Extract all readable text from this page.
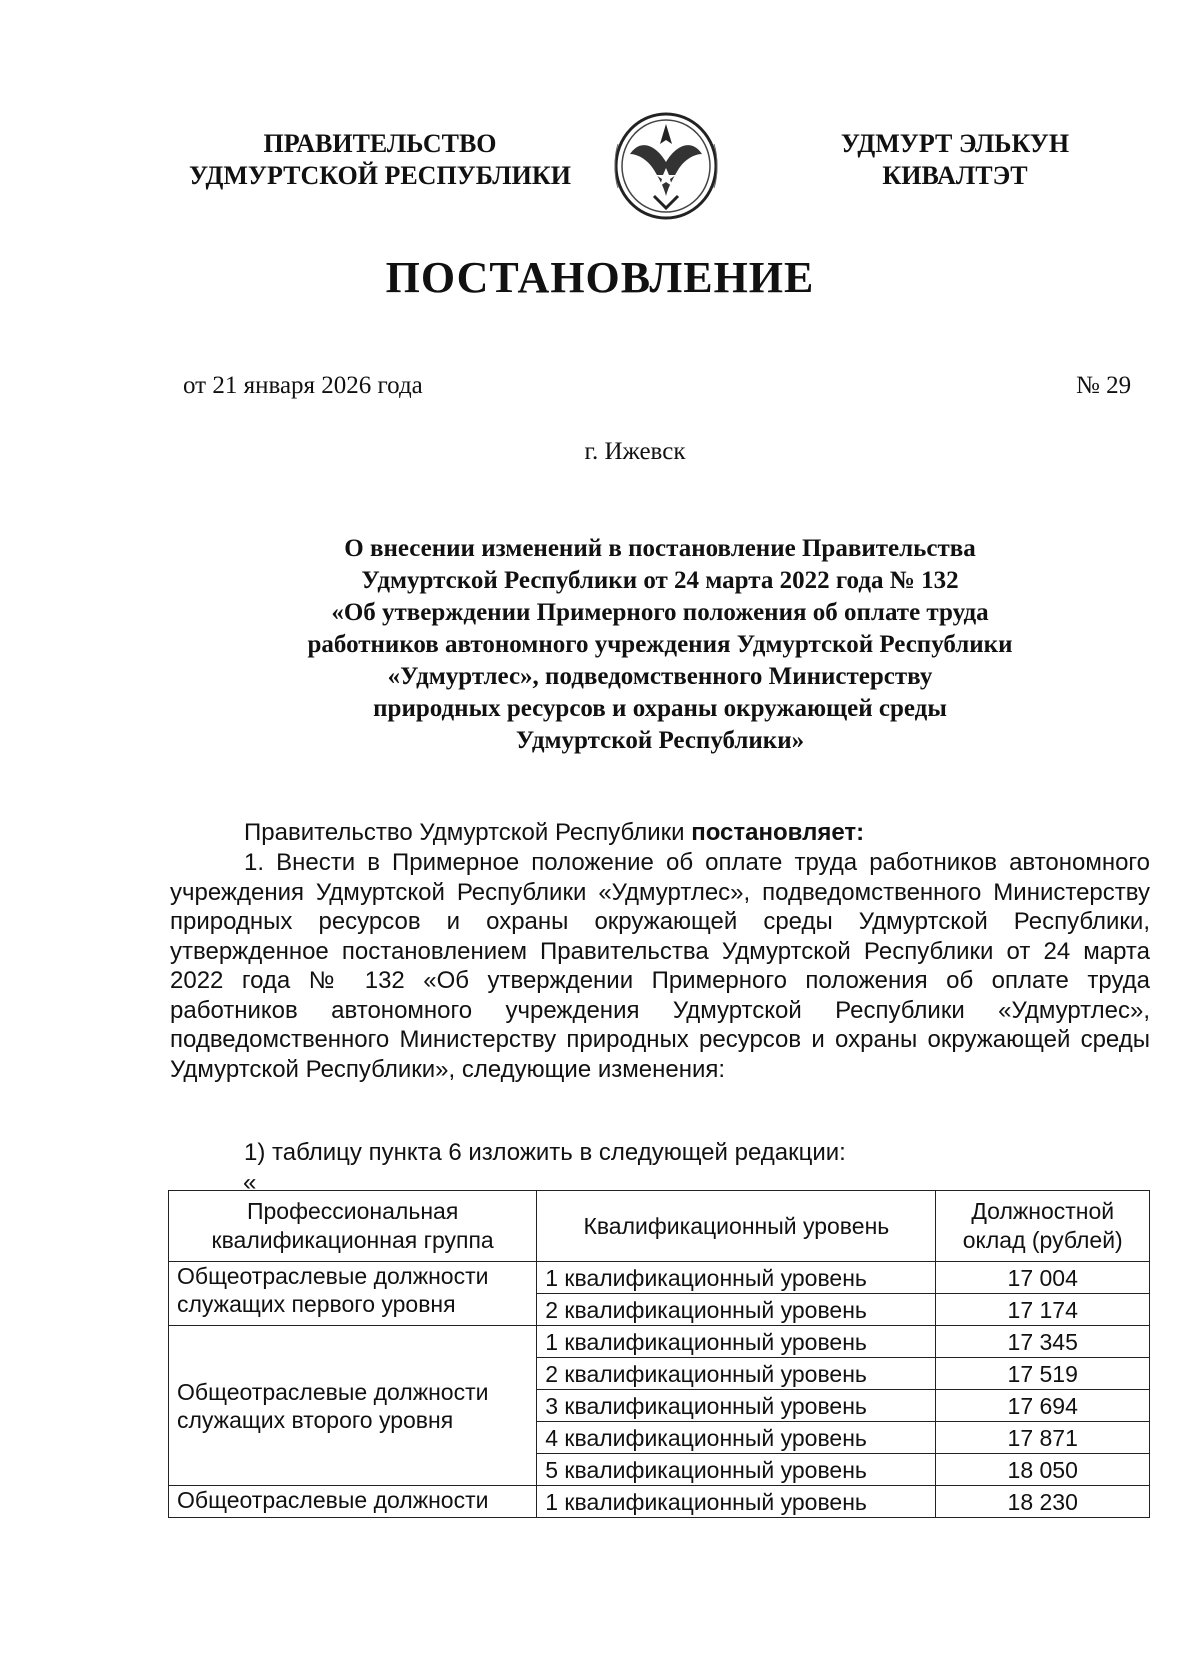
ПРАВИТЕЛЬСТВО
УДМУРТСКОЙ РЕСПУБЛИКИ
УДМУРТ ЭЛЬКУН
КИВАЛТЭТ
ПОСТАНОВЛЕНИЕ
от 21 января 2026 года	№ 29
г. Ижевск
О внесении изменений в постановление Правительства
Удмуртской Республики от 24 марта 2022 года № 132
«Об утверждении Примерного положения об оплате труда
работников автономного учреждения Удмуртской Республики
«Удмуртлес», подведомственного Министерству
природных ресурсов и охраны окружающей среды
Удмуртской Республики»
Правительство Удмуртской Республики постановляет:
1. Внести в Примерное положение об оплате труда работников автономного учреждения Удмуртской Республики «Удмуртлес», подведомственного Министерству природных ресурсов и охраны окружающей среды Удмуртской Республики, утвержденное постановлением Правительства Удмуртской Республики от 24 марта 2022 года № 132 «Об утверждении Примерного положения об оплате труда работников автономного учреждения Удмуртской Республики «Удмуртлес», подведомственного Министерству природных ресурсов и охраны окружающей среды Удмуртской Республики», следующие изменения:
1) таблицу пункта 6 изложить в следующей редакции:
«
Профессиональная квалификационная группа	Квалификационный уровень	Должностной оклад (рублей)
Общеотраслевые должности служащих первого уровня	1 квалификационный уровень	17 004
	2 квалификационный уровень	17 174
Общеотраслевые должности служащих второго уровня	1 квалификационный уровень	17 345
	2 квалификационный уровень	17 519
	3 квалификационный уровень	17 694
	4 квалификационный уровень	17 871
	5 квалификационный уровень	18 050
Общеотраслевые должности	1 квалификационный уровень	18 230
